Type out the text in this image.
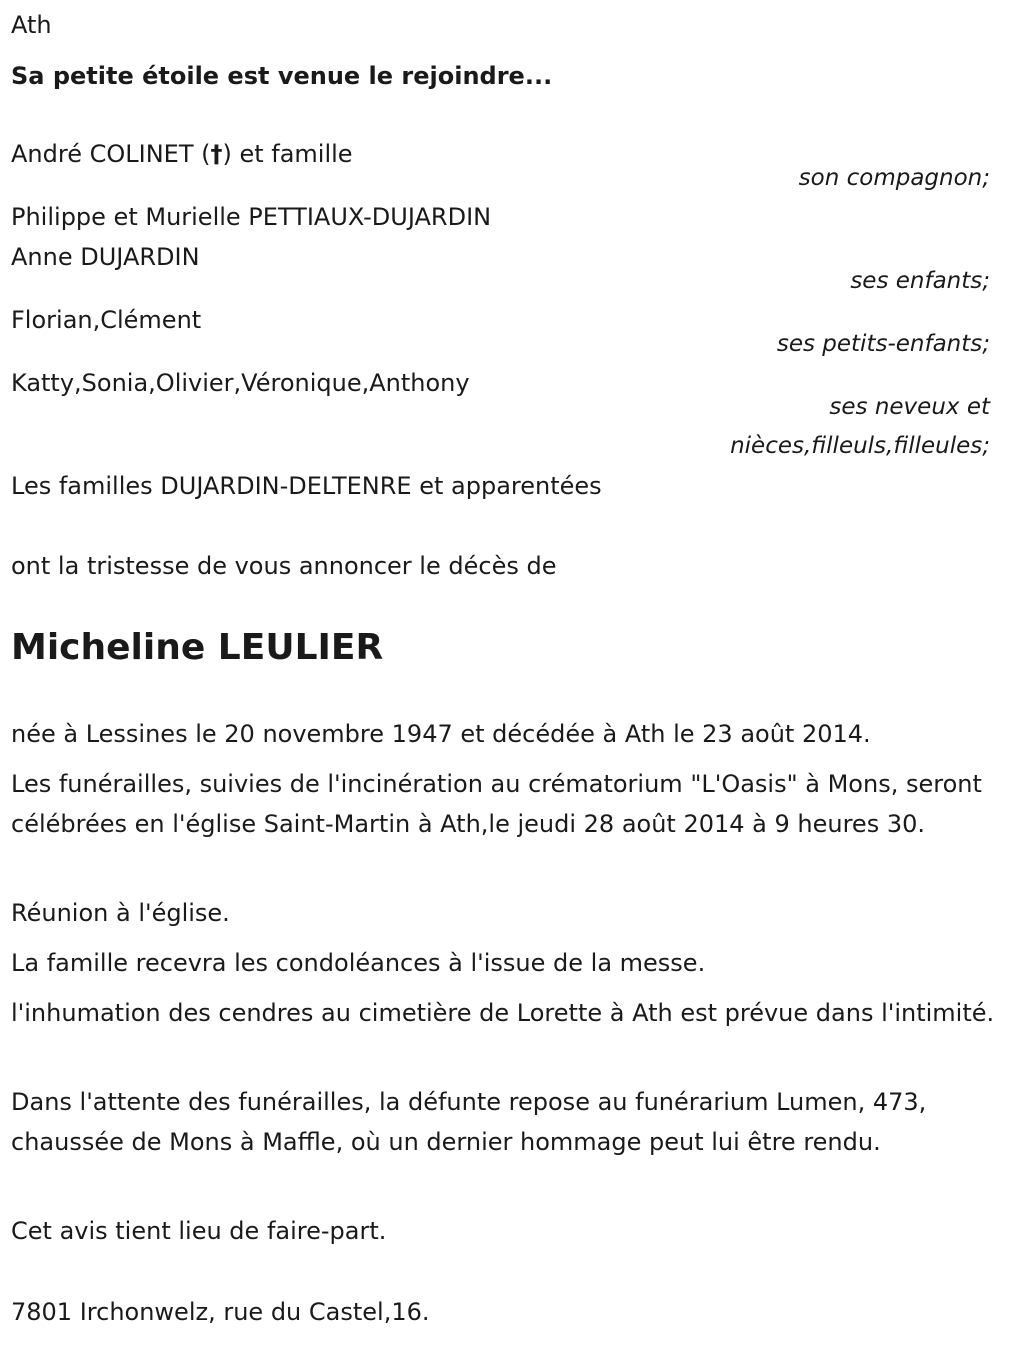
Ath

Sa petite étoile est venue le rejoindre...

André COLINET (†) et famille

son compagnon;

Philippe et Murielle PETTIAUX-DUJARDIN

Anne DUJARDIN

ses enfants;

Florian,Clément

ses petits-enfants;

Katty,Sonia,Olivier,Véronique,Anthony

ses neveux et

nièces,filleuls,filleules;

Les familles DUJARDIN-DELTENRE et apparentées

ont la tristesse de vous annoncer le décès de

Micheline LEULIER

née à Lessines le 20 novembre 1947 et décédée à Ath le 23 août 2014.

Les funérailles, suivies de l'incinération au crématorium "L'Oasis" à Mons, seront célébrées en l'église Saint-Martin à Ath,le jeudi 28 août 2014 à 9 heures 30.

Réunion à l'église.

La famille recevra les condoléances à l'issue de la messe.

l'inhumation des cendres au cimetière de Lorette à Ath est prévue dans l'intimité.

Dans l'attente des funérailles, la défunte repose au funérarium Lumen, 473, chaussée de Mons à Maffle, où un dernier hommage peut lui être rendu.

Cet avis tient lieu de faire-part.

7801 Irchonwelz, rue du Castel,16.
